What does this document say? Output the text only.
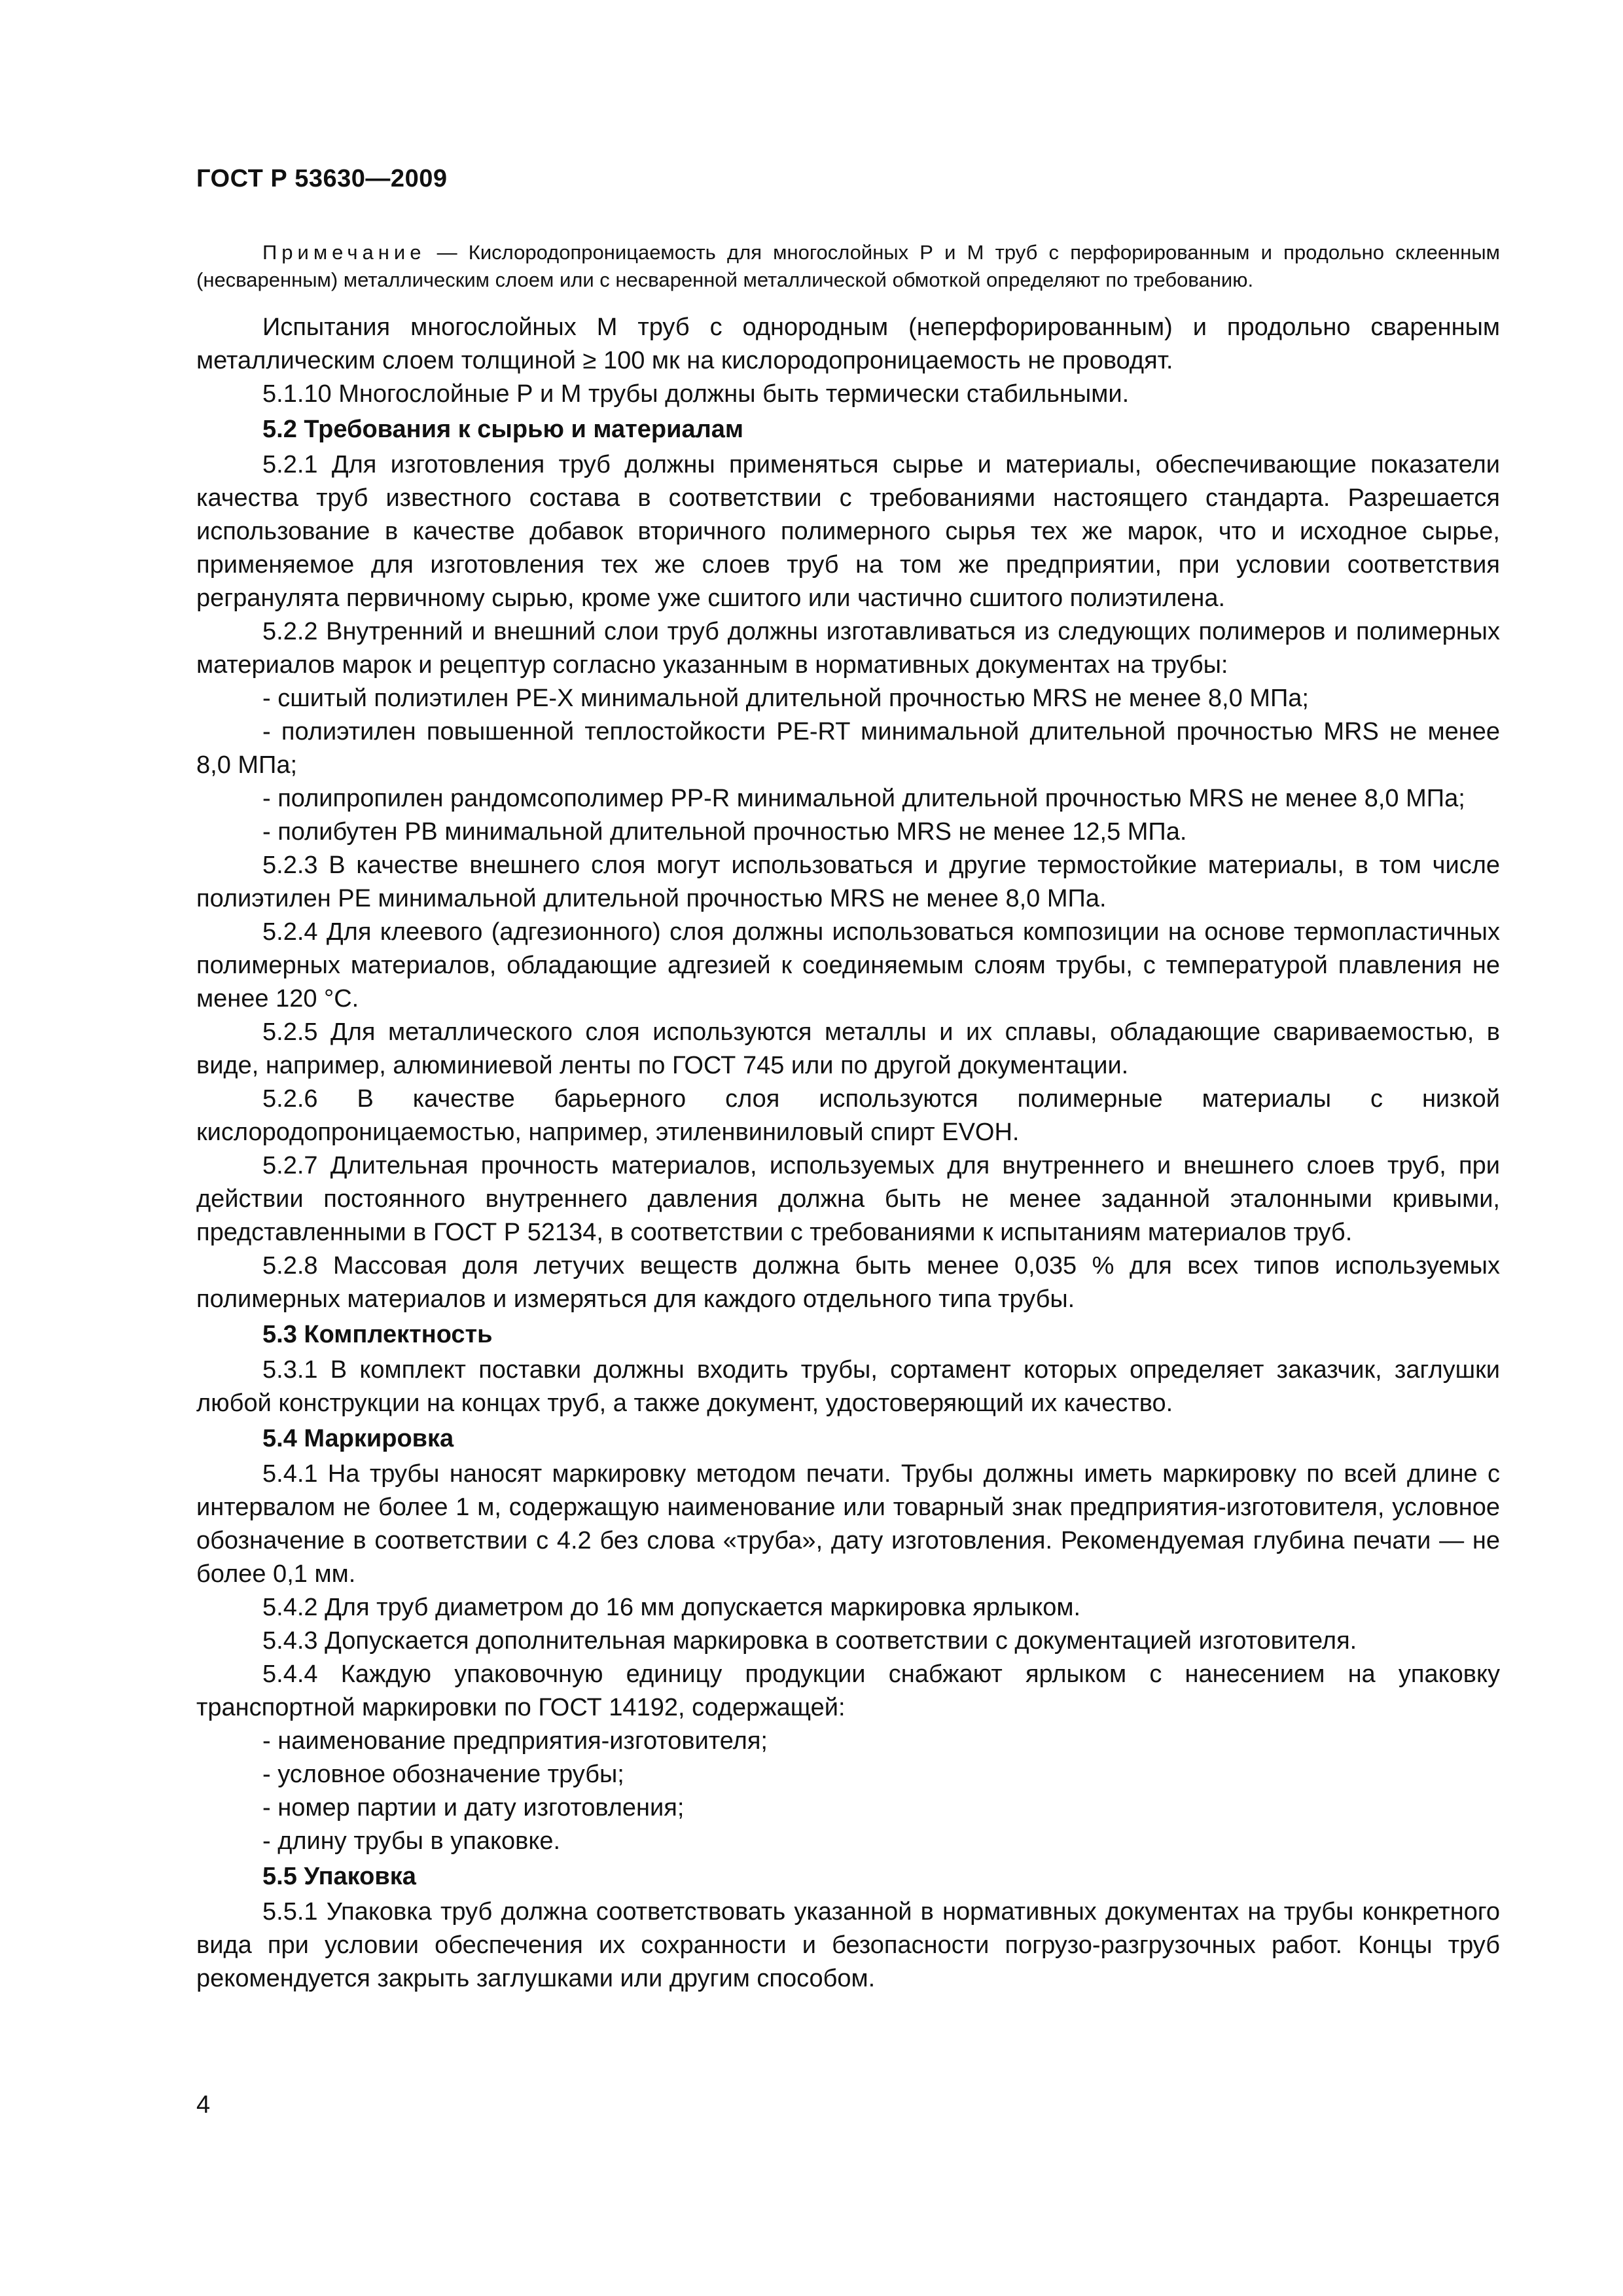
ГОСТ Р 53630—2009

Примечание — Кислородопроницаемость для многослойных Р и М труб с перфорированным и продольно склеенным (несваренным) металлическим слоем или с несваренной металлической обмоткой определяют по требованию.

Испытания многослойных М труб с однородным (неперфорированным) и продольно сваренным металлическим слоем толщиной ≥ 100 мк на кислородопроницаемость не проводят.

5.1.10 Многослойные Р и М трубы должны быть термически стабильными.

5.2 Требования к сырью и материалам

5.2.1 Для изготовления труб должны применяться сырье и материалы, обеспечивающие показатели качества труб известного состава в соответствии с требованиями настоящего стандарта. Разрешается использование в качестве добавок вторичного полимерного сырья тех же марок, что и исходное сырье, применяемое для изготовления тех же слоев труб на том же предприятии, при условии соответствия регранулята первичному сырью, кроме уже сшитого или частично сшитого полиэтилена.

5.2.2 Внутренний и внешний слои труб должны изготавливаться из следующих полимеров и полимерных материалов марок и рецептур согласно указанным в нормативных документах на трубы:

- сшитый полиэтилен PE-X минимальной длительной прочностью MRS не менее 8,0 МПа;

- полиэтилен повышенной теплостойкости PE-RT минимальной длительной прочностью MRS не менее 8,0 МПа;

- полипропилен рандомсополимер PP-R минимальной длительной прочностью MRS не менее 8,0 МПа;

- полибутен PB минимальной длительной прочностью MRS не менее 12,5 МПа.

5.2.3 В качестве внешнего слоя могут использоваться и другие термостойкие материалы, в том числе полиэтилен PE минимальной длительной прочностью MRS не менее 8,0 МПа.

5.2.4 Для клеевого (адгезионного) слоя должны использоваться композиции на основе термопластичных полимерных материалов, обладающие адгезией к соединяемым слоям трубы, с температурой плавления не менее 120 °С.

5.2.5 Для металлического слоя используются металлы и их сплавы, обладающие свариваемостью, в виде, например, алюминиевой ленты по ГОСТ 745 или по другой документации.

5.2.6 В качестве барьерного слоя используются полимерные материалы с низкой кислородопроницаемостью, например, этиленвиниловый спирт EVOH.

5.2.7 Длительная прочность материалов, используемых для внутреннего и внешнего слоев труб, при действии постоянного внутреннего давления должна быть не менее заданной эталонными кривыми, представленными в ГОСТ Р 52134, в соответствии с требованиями к испытаниям материалов труб.

5.2.8 Массовая доля летучих веществ должна быть менее 0,035 % для всех типов используемых полимерных материалов и измеряться для каждого отдельного типа трубы.

5.3 Комплектность

5.3.1 В комплект поставки должны входить трубы, сортамент которых определяет заказчик, заглушки любой конструкции на концах труб, а также документ, удостоверяющий их качество.

5.4 Маркировка

5.4.1 На трубы наносят маркировку методом печати. Трубы должны иметь маркировку по всей длине с интервалом не более 1 м, содержащую наименование или товарный знак предприятия-изготовителя, условное обозначение в соответствии с 4.2 без слова «труба», дату изготовления. Рекомендуемая глубина печати — не более 0,1 мм.

5.4.2 Для труб диаметром до 16 мм допускается маркировка ярлыком.

5.4.3 Допускается дополнительная маркировка в соответствии с документацией изготовителя.

5.4.4 Каждую упаковочную единицу продукции снабжают ярлыком с нанесением на упаковку транспортной маркировки по ГОСТ 14192, содержащей:

- наименование предприятия-изготовителя;

- условное обозначение трубы;

- номер партии и дату изготовления;

- длину трубы в упаковке.

5.5 Упаковка

5.5.1 Упаковка труб должна соответствовать указанной в нормативных документах на трубы конкретного вида при условии обеспечения их сохранности и безопасности погрузо-разгрузочных работ. Концы труб рекомендуется закрыть заглушками или другим способом.

4
